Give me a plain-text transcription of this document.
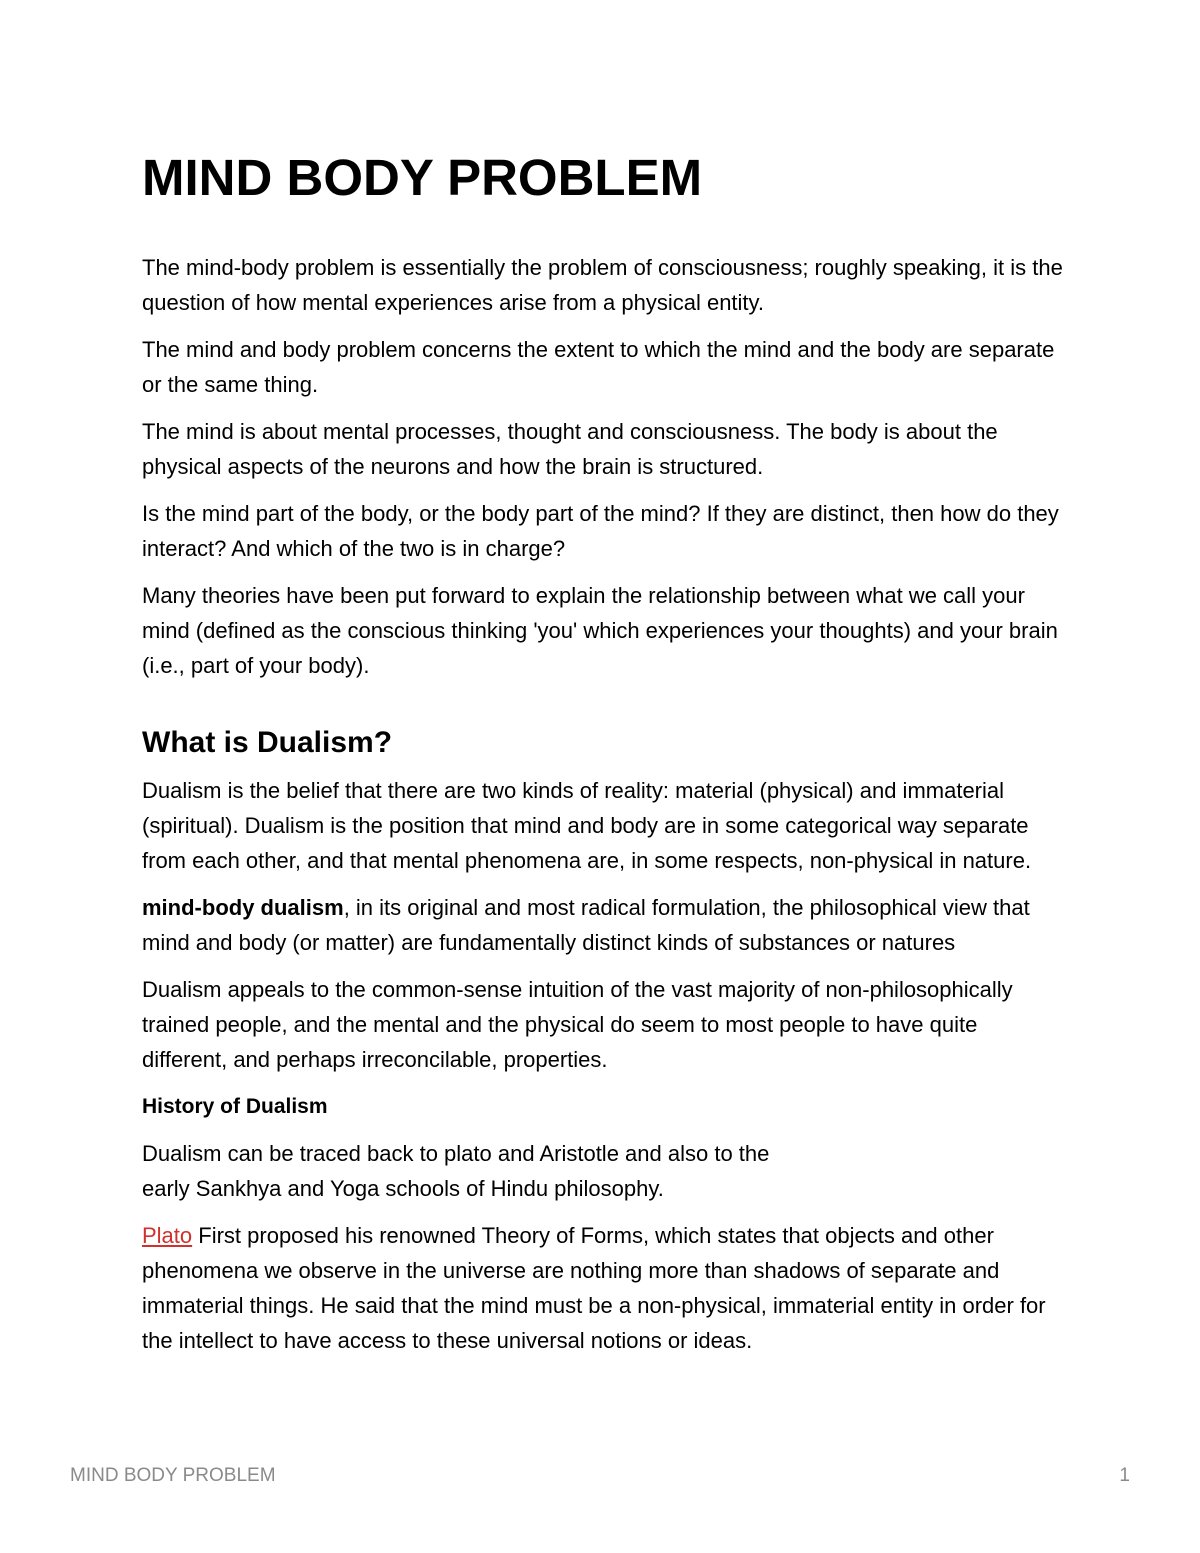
MIND BODY PROBLEM

The mind-body problem is essentially the problem of consciousness; roughly speaking, it is the question of how mental experiences arise from a physical entity.

The mind and body problem concerns the extent to which the mind and the body are separate or the same thing.

The mind is about mental processes, thought and consciousness. The body is about the physical aspects of the neurons and how the brain is structured.

Is the mind part of the body, or the body part of the mind? If they are distinct, then how do they interact? And which of the two is in charge?

Many theories have been put forward to explain the relationship between what we call your mind (defined as the conscious thinking 'you' which experiences your thoughts) and your brain (i.e., part of your body).

What is Dualism?

Dualism is the belief that there are two kinds of reality: material (physical) and immaterial (spiritual). Dualism is the position that mind and body are in some categorical way separate from each other, and that mental phenomena are, in some respects, non-physical in nature.

mind-body dualism, in its original and most radical formulation, the philosophical view that mind and body (or matter) are fundamentally distinct kinds of substances or natures

Dualism appeals to the common-sense intuition of the vast majority of non-philosophically trained people, and the mental and the physical do seem to most people to have quite different, and perhaps irreconcilable, properties.

History of Dualism

Dualism can be traced back to plato and Aristotle and also to the
early Sankhya and Yoga schools of Hindu philosophy.

Plato First proposed his renowned Theory of Forms, which states that objects and other phenomena we observe in the universe are nothing more than shadows of separate and immaterial things. He said that the mind must be a non-physical, immaterial entity in order for the intellect to have access to these universal notions or ideas.

MIND BODY PROBLEM	1
